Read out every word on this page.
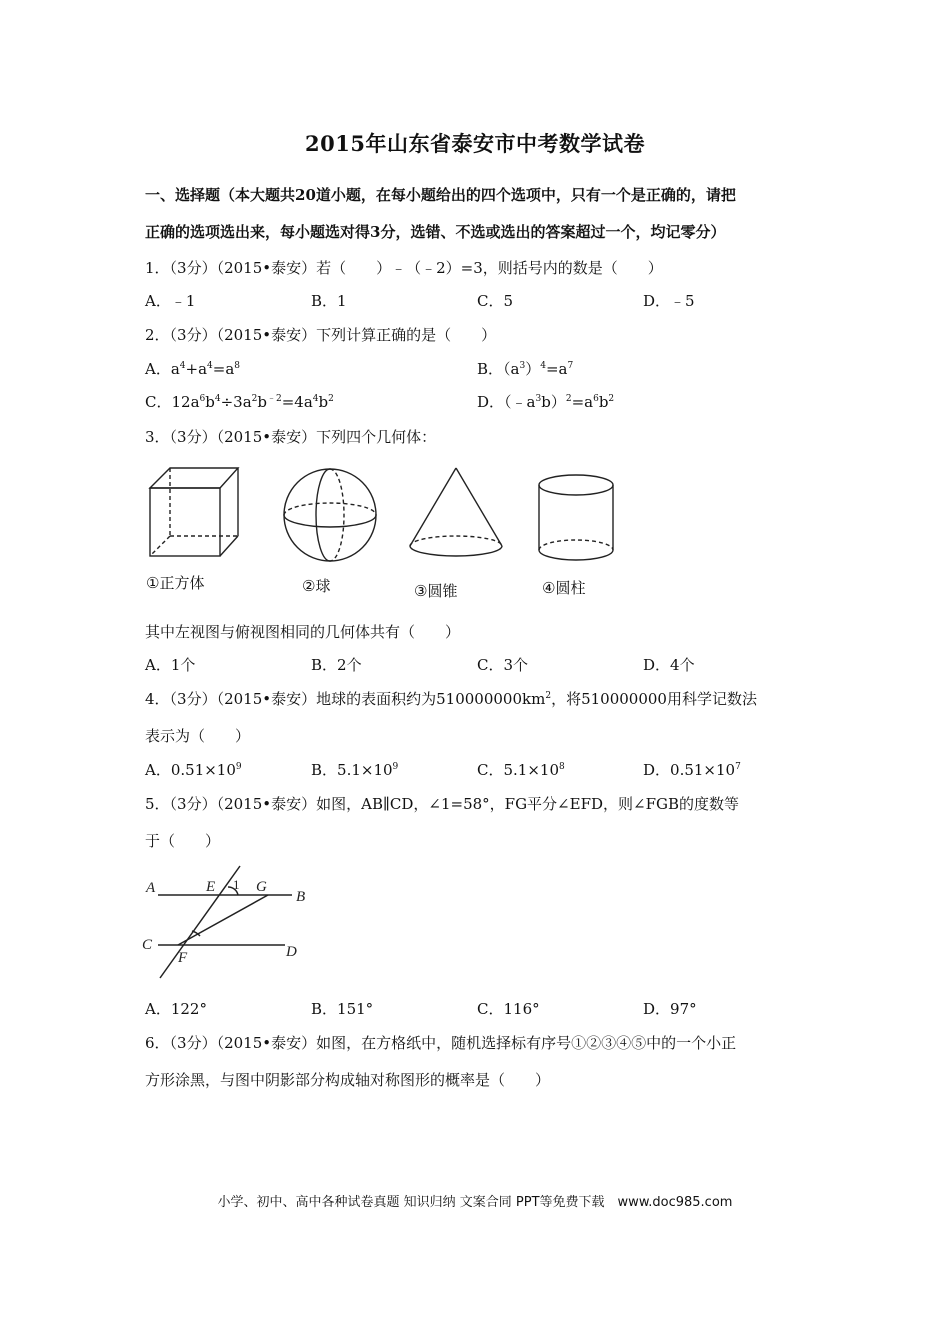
2015年山东省泰安市中考数学试卷
一、选择题（本大题共20道小题，在每小题给出的四个选项中，只有一个是正确的，请把
正确的选项选出来，每小题选对得3分，选错、不选或选出的答案超过一个，均记零分）
1．（3分）（2015•泰安）若（　　）﹣（﹣2）=3，则括号内的数是（　　）
A．﹣1	B．1	C．5	D．﹣5
2．（3分）（2015•泰安）下列计算正确的是（　　）
A．$a^4+a^4=a^8$	B．$(a^3)^4=a^7$
C．$12a^6b^4\div 3a^2b^{﹣2}=4a^4b^2$	D．$(﹣a^3b)^2=a^6b^2$
3．（3分）（2015•泰安）下列四个几何体：
①正方体	②球	③圆锥	④圆柱
其中左视图与俯视图相同的几何体共有（　　）
A．1个	B．2个	C．3个	D．4个
4．（3分）（2015•泰安）地球的表面积约为$510000000km^2$，将510000000用科学记数法
表示为（　　）
A．$0.51\times 10^9$	B．$5.1\times 10^9$	C．$5.1\times 10^8$	D．$0.51\times 10^7$
5．（3分）（2015•泰安）如图，AB∥CD，∠1=58°，FG平分∠EFD，则∠FGB的度数等
于（　　）
A
B
C	D
E
F
G
1
A．122°	B．151°	C．116°	D．97°
6．（3分）（2015•泰安）如图，在方格纸中，随机选择标有序号①②③④⑤中的一个小正
方形涂黑，与图中阴影部分构成轴对称图形的概率是（　　）
小学、初中、高中各种试卷真题 知识归纳 文案合同 PPT等免费下载　www.doc985.com
